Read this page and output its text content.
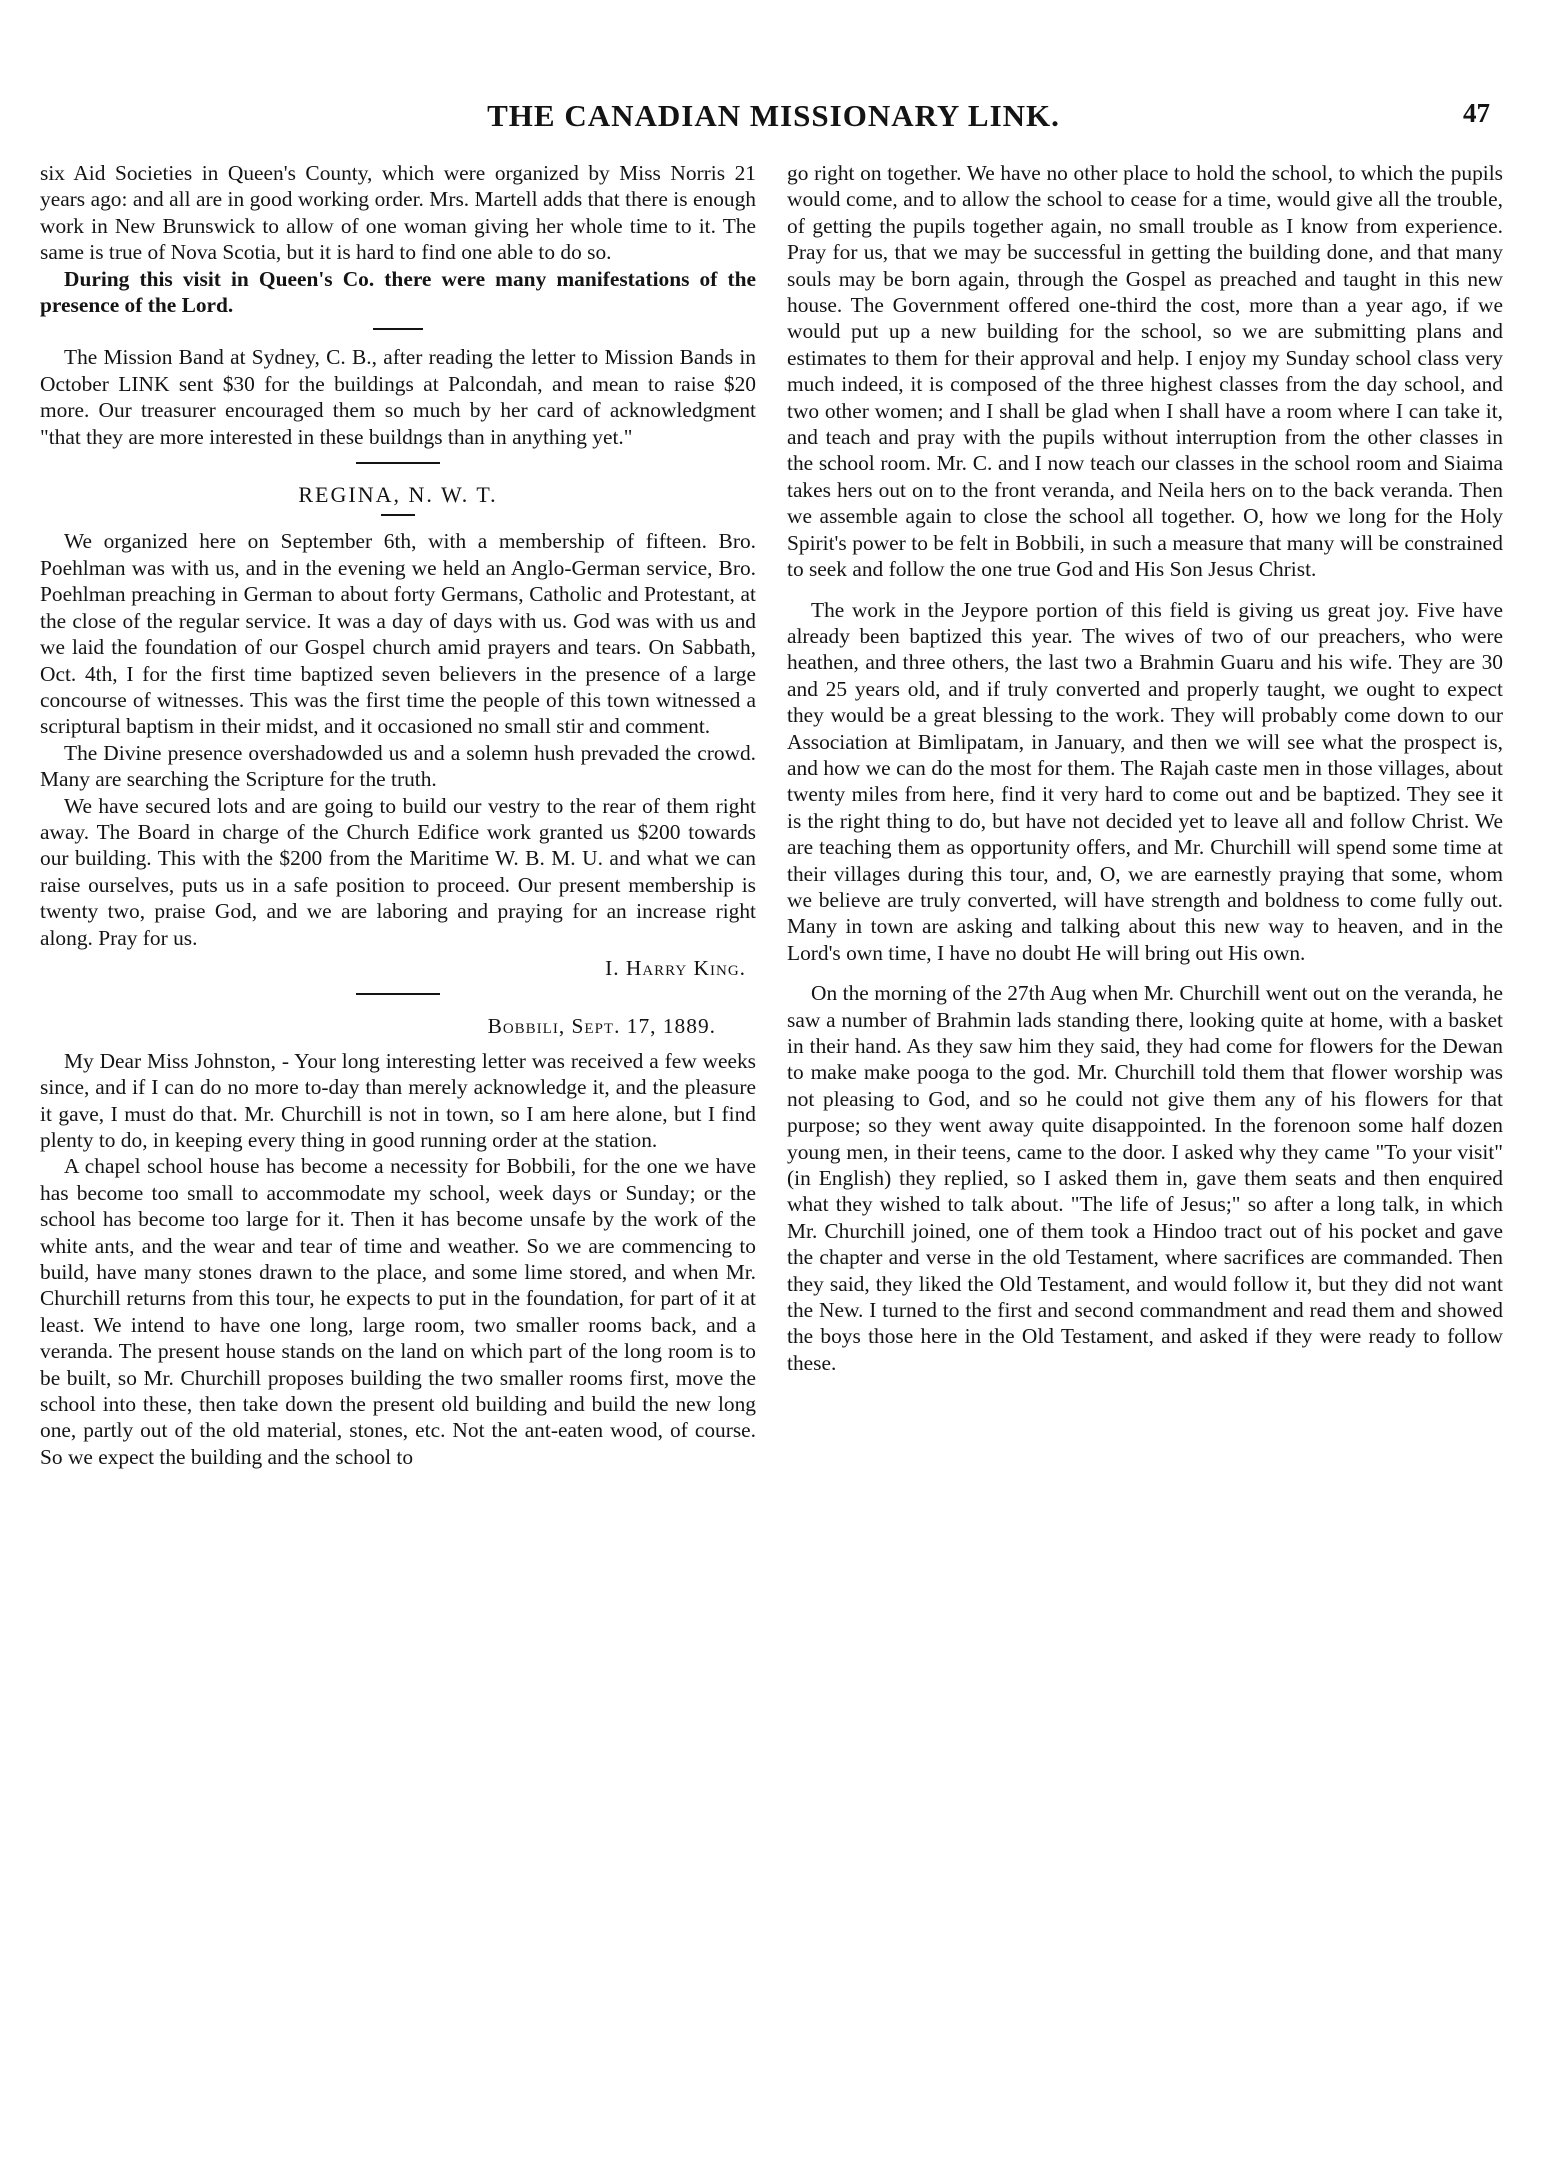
THE CANADIAN MISSIONARY LINK.	47

six Aid Societies in Queen's County, which were organized by Miss Norris 21 years ago: and all are in good working order. Mrs. Martell adds that there is enough work in New Brunswick to allow of one woman giving her whole time to it. The same is true of Nova Scotia, but it is hard to find one able to do so.

During this visit in Queen's Co. there were many manifestations of the presence of the Lord.

The Mission Band at Sydney, C. B., after reading the letter to Mission Bands in October LINK sent $30 for the buildings at Palcondah, and mean to raise $20 more. Our treasurer encouraged them so much by her card of acknowledgment "that they are more interested in these buildngs than in anything yet."

REGINA, N. W. T.

We organized here on September 6th, with a membership of fifteen. Bro. Poehlman was with us, and in the evening we held an Anglo-German service, Bro. Poehlman preaching in German to about forty Germans, Catholic and Protestant, at the close of the regular service. It was a day of days with us. God was with us and we laid the foundation of our Gospel church amid prayers and tears. On Sabbath, Oct. 4th, I for the first time baptized seven believers in the presence of a large concourse of witnesses. This was the first time the people of this town witnessed a scriptural baptism in their midst, and it occasioned no small stir and comment.

The Divine presence overshadowded us and a solemn hush prevaded the crowd. Many are searching the Scripture for the truth.

We have secured lots and are going to build our vestry to the rear of them right away. The Board in charge of the Church Edifice work granted us $200 towards our building. This with the $200 from the Maritime W. B. M. U. and what we can raise ourselves, puts us in a safe position to proceed. Our present membership is twenty two, praise God, and we are laboring and praying for an increase right along. Pray for us.

I. Harry King.
Bobbili, Sept. 17, 1889.

My Dear Miss Johnston, - Your long interesting letter was received a few weeks since, and if I can do no more to-day than merely acknowledge it, and the pleasure it gave, I must do that. Mr. Churchill is not in town, so I am here alone, but I find plenty to do, in keeping every thing in good running order at the station.

A chapel school house has become a necessity for Bobbili, for the one we have has become too small to accommodate my school, week days or Sunday; or the school has become too large for it. Then it has become unsafe by the work of the white ants, and the wear and tear of time and weather. So we are commencing to build, have many stones drawn to the place, and some lime stored, and when Mr. Churchill returns from this tour, he expects to put in the foundation, for part of it at least. We intend to have one long, large room, two smaller rooms back, and a veranda. The present house stands on the land on which part of the long room is to be built, so Mr. Churchill proposes building the two smaller rooms first, move the school into these, then take down the present old building and build the new long one, partly out of the old material, stones, etc. Not the ant-eaten wood, of course. So we expect the building and the school to

go right on together. We have no other place to hold the school, to which the pupils would come, and to allow the school to cease for a time, would give all the trouble, of getting the pupils together again, no small trouble as I know from experience. Pray for us, that we may be successful in getting the building done, and that many souls may be born again, through the Gospel as preached and taught in this new house. The Government offered one-third the cost, more than a year ago, if we would put up a new building for the school, so we are submitting plans and estimates to them for their approval and help. I enjoy my Sunday school class very much indeed, it is composed of the three highest classes from the day school, and two other women; and I shall be glad when I shall have a room where I can take it, and teach and pray with the pupils without interruption from the other classes in the school room. Mr. C. and I now teach our classes in the school room and Siaima takes hers out on to the front veranda, and Neila hers on to the back veranda. Then we assemble again to close the school all together. O, how we long for the Holy Spirit's power to be felt in Bobbili, in such a measure that many will be constrained to seek and follow the one true God and His Son Jesus Christ.

The work in the Jeypore portion of this field is giving us great joy. Five have already been baptized this year. The wives of two of our preachers, who were heathen, and three others, the last two a Brahmin Guaru and his wife. They are 30 and 25 years old, and if truly converted and properly taught, we ought to expect they would be a great blessing to the work. They will probably come down to our Association at Bimlipatam, in January, and then we will see what the prospect is, and how we can do the most for them. The Rajah caste men in those villages, about twenty miles from here, find it very hard to come out and be baptized. They see it is the right thing to do, but have not decided yet to leave all and follow Christ. We are teaching them as opportunity offers, and Mr. Churchill will spend some time at their villages during this tour, and, O, we are earnestly praying that some, whom we believe are truly converted, will have strength and boldness to come fully out. Many in town are asking and talking about this new way to heaven, and in the Lord's own time, I have no doubt He will bring out His own.

On the morning of the 27th Aug when Mr. Churchill went out on the veranda, he saw a number of Brahmin lads standing there, looking quite at home, with a basket in their hand. As they saw him they said, they had come for flowers for the Dewan to make make pooga to the god. Mr. Churchill told them that flower worship was not pleasing to God, and so he could not give them any of his flowers for that purpose; so they went away quite disappointed. In the forenoon some half dozen young men, in their teens, came to the door. I asked why they came "To your visit" (in English) they replied, so I asked them in, gave them seats and then enquired what they wished to talk about. "The life of Jesus;" so after a long talk, in which Mr. Churchill joined, one of them took a Hindoo tract out of his pocket and gave the chapter and verse in the old Testament, where sacrifices are commanded. Then they said, they liked the Old Testament, and would follow it, but they did not want the New. I turned to the first and second commandment and read them and showed the boys those here in the Old Testament, and asked if they were ready to follow these.
